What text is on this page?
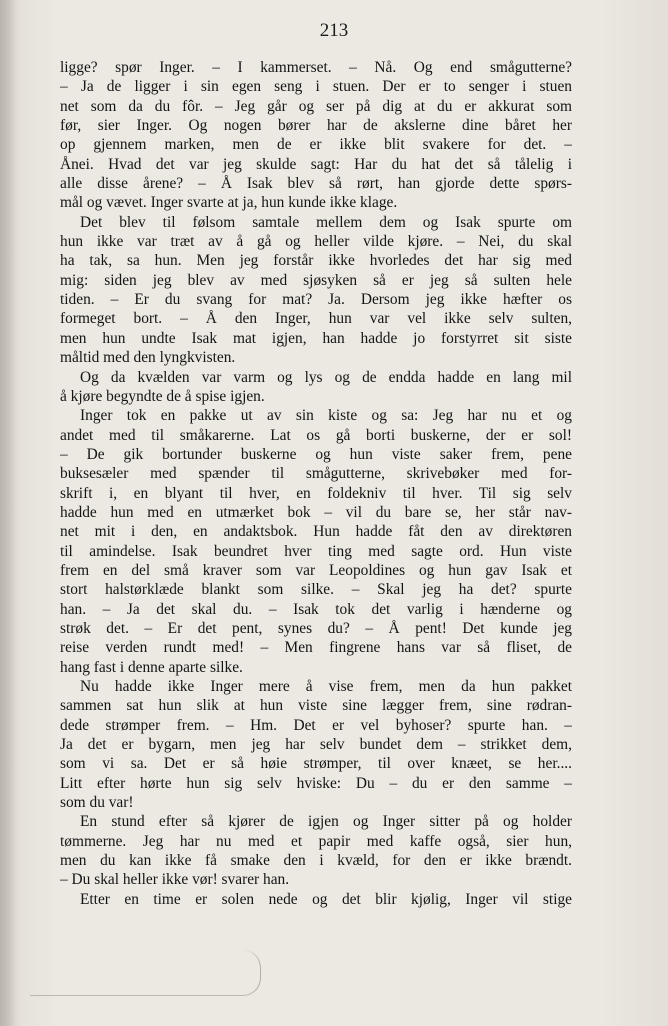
213
ligge? spør Inger. – I kammerset. – Nå. Og end smågutterne?
– Ja de ligger i sin egen seng i stuen. Der er to senger i stuen
net som da du fôr. – Jeg går og ser på dig at du er akkurat som
før, sier Inger. Og nogen bører har de akslerne dine båret her
op gjennem marken, men de er ikke blit svakere for det. –
Ånei. Hvad det var jeg skulde sagt: Har du hat det så tålelig i
alle disse årene? – Å Isak blev så rørt, han gjorde dette spørs-
mål og vævet. Inger svarte at ja, hun kunde ikke klage.
Det blev til følsom samtale mellem dem og Isak spurte om
hun ikke var træt av å gå og heller vilde kjøre. – Nei, du skal
ha tak, sa hun. Men jeg forstår ikke hvorledes det har sig med
mig: siden jeg blev av med sjøsyken så er jeg så sulten hele
tiden. – Er du svang for mat? Ja. Dersom jeg ikke hæfter os
formeget bort. – Å den Inger, hun var vel ikke selv sulten,
men hun undte Isak mat igjen, han hadde jo forstyrret sit siste
måltid med den lyngkvisten.
Og da kvælden var varm og lys og de endda hadde en lang mil
å kjøre begyndte de å spise igjen.
Inger tok en pakke ut av sin kiste og sa: Jeg har nu et og
andet med til småkarerne. Lat os gå borti buskerne, der er sol!
– De gik bortunder buskerne og hun viste saker frem, pene
buksesæler med spænder til smågutterne, skrivebøker med for-
skrift i, en blyant til hver, en foldekniv til hver. Til sig selv
hadde hun med en utmærket bok – vil du bare se, her står nav-
net mit i den, en andaktsbok. Hun hadde fåt den av direktøren
til amindelse. Isak beundret hver ting med sagte ord. Hun viste
frem en del små kraver som var Leopoldines og hun gav Isak et
stort halstørklæde blankt som silke. – Skal jeg ha det? spurte
han. – Ja det skal du. – Isak tok det varlig i hænderne og
strøk det. – Er det pent, synes du? – Å pent! Det kunde jeg
reise verden rundt med! – Men fingrene hans var så fliset, de
hang fast i denne aparte silke.
Nu hadde ikke Inger mere å vise frem, men da hun pakket
sammen sat hun slik at hun viste sine lægger frem, sine rødran-
dede strømper frem. – Hm. Det er vel byhoser? spurte han. –
Ja det er bygarn, men jeg har selv bundet dem – strikket dem,
som vi sa. Det er så høie strømper, til over knæet, se her....
Litt efter hørte hun sig selv hviske: Du – du er den samme –
som du var!
En stund efter så kjører de igjen og Inger sitter på og holder
tømmerne. Jeg har nu med et papir med kaffe også, sier hun,
men du kan ikke få smake den i kvæld, for den er ikke brændt.
– Du skal heller ikke vør! svarer han.
Etter en time er solen nede og det blir kjølig, Inger vil stige
